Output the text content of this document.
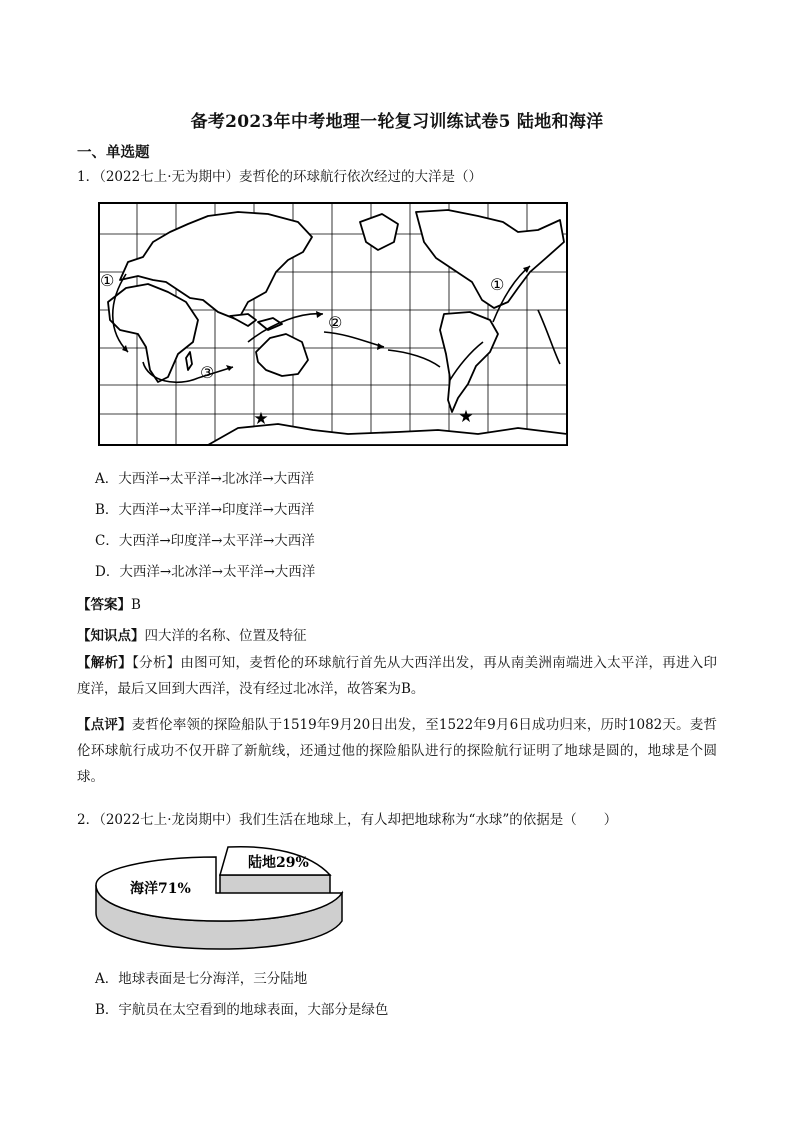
备考2023年中考地理一轮复习训练试卷5 陆地和海洋
一、单选题
1．（2022七上·无为期中）麦哲伦的环球航行依次经过的大洋是（）
★	★
①
②
③
①
A．大西洋→太平洋→北冰洋→大西洋
B．大西洋→太平洋→印度洋→大西洋
C．大西洋→印度洋→太平洋→大西洋
D．大西洋→北冰洋→太平洋→大西洋
【答案】B
【知识点】四大洋的名称、位置及特征
【解析】【分析】由图可知，麦哲伦的环球航行首先从大西洋出发，再从南美洲南端进入太平洋，再进入印度洋，最后又回到大西洋，没有经过北冰洋，故答案为B。
【点评】麦哲伦率领的探险船队于1519年9月20日出发，至1522年9月6日成功归来，历时1082天。麦哲伦环球航行成功不仅开辟了新航线，还通过他的探险船队进行的探险航行证明了地球是圆的，地球是个圆球。
2．（2022七上·龙岗期中）我们生活在地球上，有人却把地球称为“水球”的依据是（　　）
陆地29%
海洋71%
A．地球表面是七分海洋，三分陆地
B．宇航员在太空看到的地球表面，大部分是绿色
